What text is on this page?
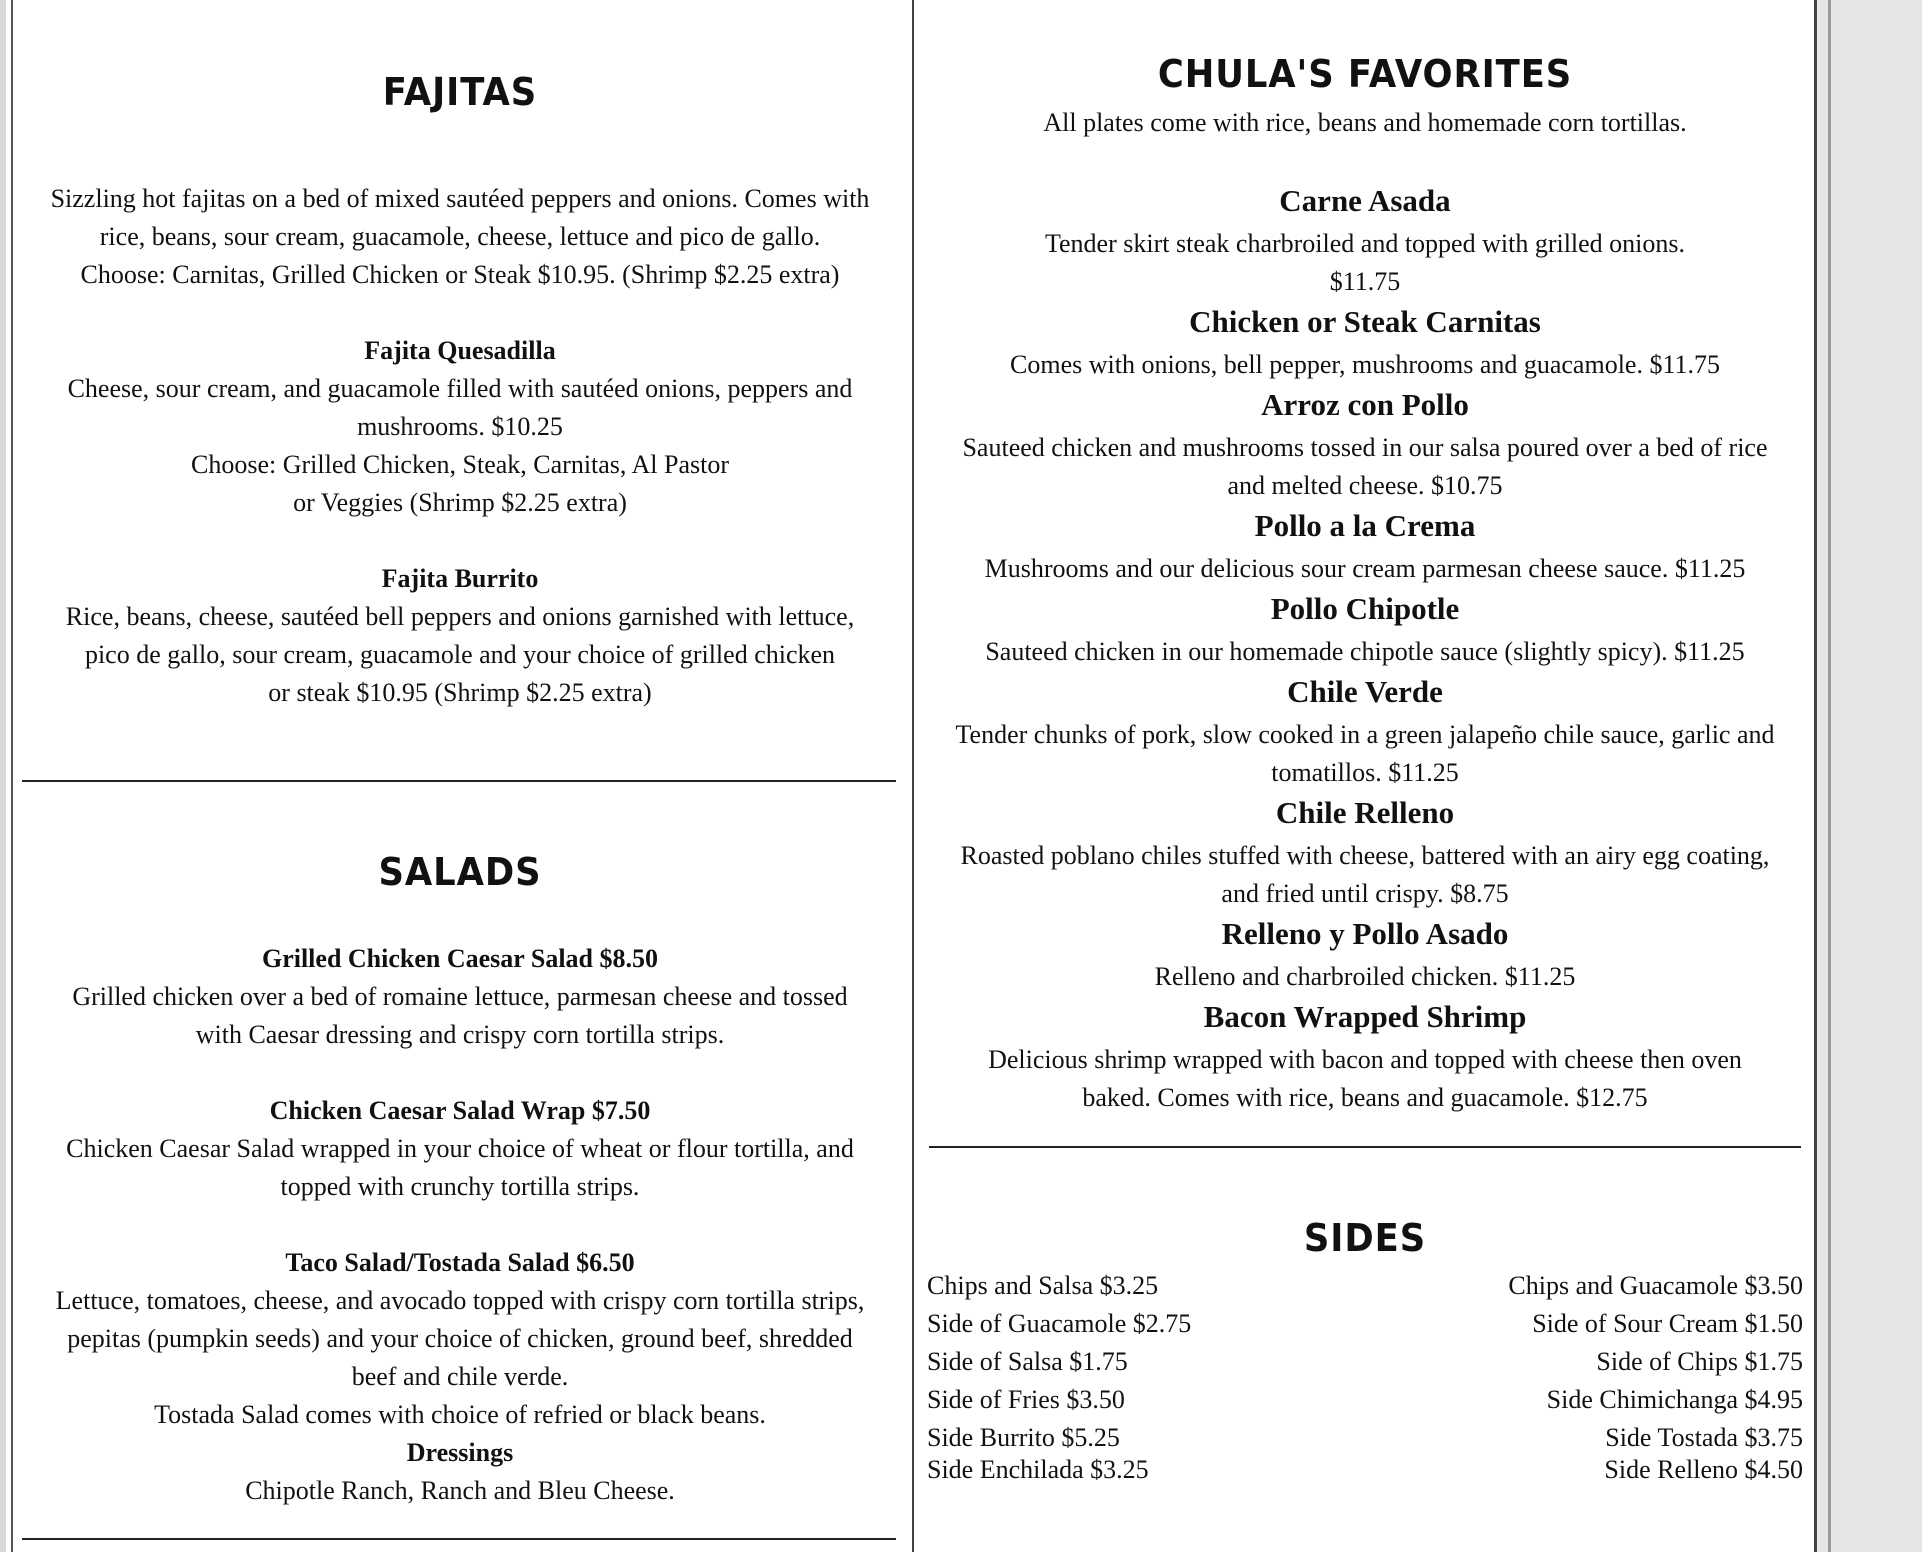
FAJITAS
Sizzling hot fajitas on a bed of mixed sautéed peppers and onions. Comes with
rice, beans, sour cream, guacamole, cheese, lettuce and pico de gallo.
Choose: Carnitas, Grilled Chicken or Steak $10.95. (Shrimp $2.25 extra)
Fajita Quesadilla
Cheese, sour cream, and guacamole filled with sautéed onions, peppers and
mushrooms. $10.25
Choose: Grilled Chicken, Steak, Carnitas, Al Pastor
or Veggies (Shrimp $2.25 extra)
Fajita Burrito
Rice, beans, cheese, sautéed bell peppers and onions garnished with lettuce,
pico de gallo, sour cream, guacamole and your choice of grilled chicken
or steak $10.95 (Shrimp $2.25 extra)
SALADS
Grilled Chicken Caesar Salad $8.50
Grilled chicken over a bed of romaine lettuce, parmesan cheese and tossed
with Caesar dressing and crispy corn tortilla strips.
Chicken Caesar Salad Wrap $7.50
Chicken Caesar Salad wrapped in your choice of wheat or flour tortilla, and
topped with crunchy tortilla strips.
Taco Salad/Tostada Salad $6.50
Lettuce, tomatoes, cheese, and avocado topped with crispy corn tortilla strips,
pepitas (pumpkin seeds) and your choice of chicken, ground beef, shredded
beef and chile verde.
Tostada Salad comes with choice of refried or black beans.
Dressings
Chipotle Ranch, Ranch and Bleu Cheese.
CHULA'S FAVORITES
All plates come with rice, beans and homemade corn tortillas.
Carne Asada
Tender skirt steak charbroiled and topped with grilled onions.
$11.75
Chicken or Steak Carnitas
Comes with onions, bell pepper, mushrooms and guacamole. $11.75
Arroz con Pollo
Sauteed chicken and mushrooms tossed in our salsa poured over a bed of rice
and melted cheese. $10.75
Pollo a la Crema
Mushrooms and our delicious sour cream parmesan cheese sauce. $11.25
Pollo Chipotle
Sauteed chicken in our homemade chipotle sauce (slightly spicy). $11.25
Chile Verde
Tender chunks of pork, slow cooked in a green jalapeño chile sauce, garlic and
tomatillos. $11.25
Chile Relleno
Roasted poblano chiles stuffed with cheese, battered with an airy egg coating,
and fried until crispy. $8.75
Relleno y Pollo Asado
Relleno and charbroiled chicken. $11.25
Bacon Wrapped Shrimp
Delicious shrimp wrapped with bacon and topped with cheese then oven
baked. Comes with rice, beans and guacamole. $12.75
SIDES
Chips and Salsa $3.25
Side of Guacamole $2.75
Side of Salsa $1.75
Side of Fries $3.50
Side Burrito $5.25
Side Enchilada $3.25
Chips and Guacamole $3.50
Side of Sour Cream $1.50
Side of Chips $1.75
Side Chimichanga $4.95
Side Tostada $3.75
Side Relleno $4.50
